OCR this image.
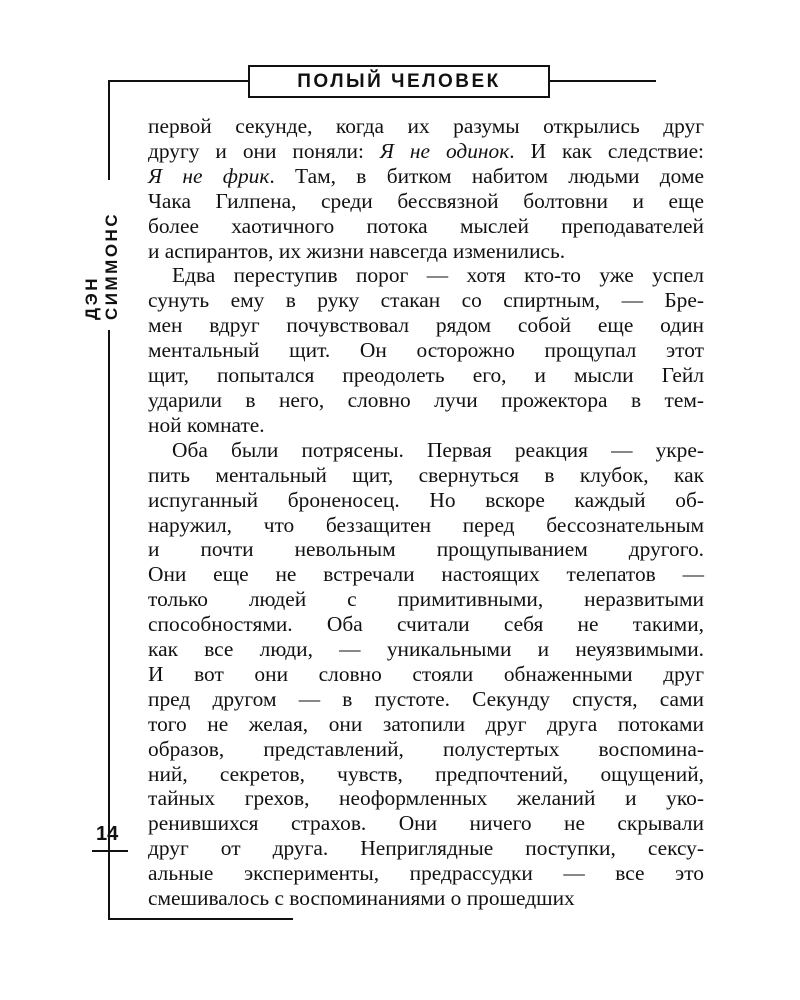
ПОЛЫЙ ЧЕЛОВЕК
ДЭН СИММОНС
14
первой секунде, когда их разумы открылись друг
другу и они поняли: Я не одинок. И как следствие:
Я не фрик. Там, в битком набитом людьми доме
Чака Гилпена, среди бессвязной болтовни и еще
более хаотичного потока мыслей преподавателей
и аспирантов, их жизни навсегда изменились.
Едва переступив порог — хотя кто-то уже успел
сунуть ему в руку стакан со спиртным, — Бре-
мен вдруг почувствовал рядом собой еще один
ментальный щит. Он осторожно прощупал этот
щит, попытался преодолеть его, и мысли Гейл
ударили в него, словно лучи прожектора в тем-
ной комнате.
Оба были потрясены. Первая реакция — укре-
пить ментальный щит, свернуться в клубок, как
испуганный броненосец. Но вскоре каждый об-
наружил, что беззащитен перед бессознательным
и почти невольным прощупыванием другого.
Они еще не встречали настоящих телепатов —
только людей с примитивными, неразвитыми
способностями. Оба считали себя не такими,
как все люди, — уникальными и неуязвимыми.
И вот они словно стояли обнаженными друг
пред другом — в пустоте. Секунду спустя, сами
того не желая, они затопили друг друга потоками
образов, представлений, полустертых воспомина-
ний, секретов, чувств, предпочтений, ощущений,
тайных грехов, неоформленных желаний и уко-
ренившихся страхов. Они ничего не скрывали
друг от друга. Неприглядные поступки, сексу-
альные эксперименты, предрассудки — все это
смешивалось с воспоминаниями о прошедших
